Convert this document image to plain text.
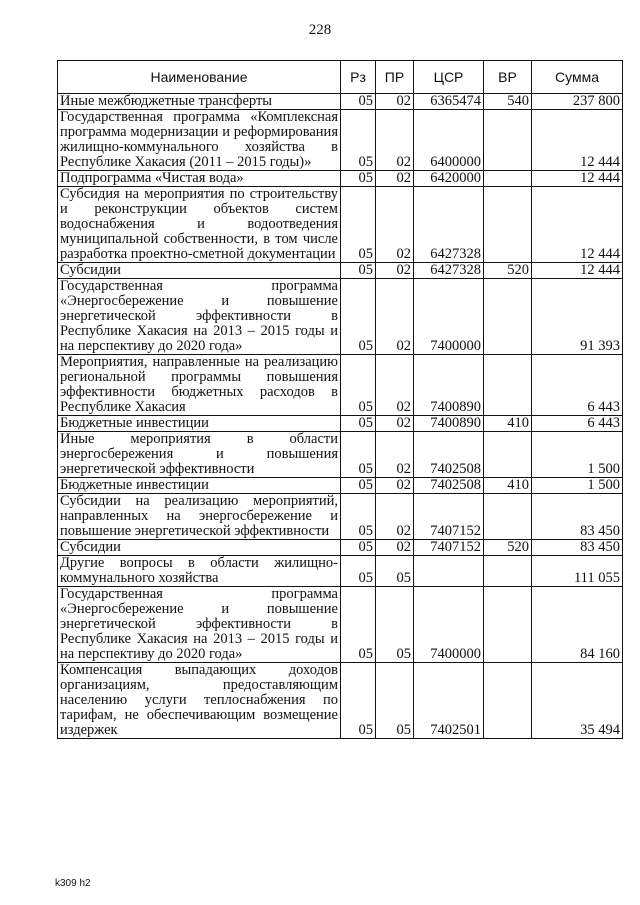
228
Наименование	Рз	ПР	ЦСР	ВР	Сумма
Иные межбюджетные трансферты	05	02	6365474	540	237 800
Государственная программа «Комплексная программа модернизации и реформирования жилищно-коммунального хозяйства в Республике Хакасия (2011 – 2015 годы)»	05	02	6400000		12 444
Подпрограмма «Чистая вода»	05	02	6420000		12 444
Субсидия на мероприятия по строительству и реконструкции объектов систем водоснабжения и водоотведения муниципальной собственности, в том числе разработка проектно-сметной документации	05	02	6427328		12 444
Субсидии	05	02	6427328	520	12 444
Государственная программа «Энергосбережение и повышение энергетической эффективности в Республике Хакасия на 2013 – 2015 годы и на перспективу до 2020 года»	05	02	7400000		91 393
Мероприятия, направленные на реализацию региональной программы повышения эффективности бюджетных расходов в Республике Хакасия	05	02	7400890		6 443
Бюджетные инвестиции	05	02	7400890	410	6 443
Иные мероприятия в области энергосбережения и повышения энергетической эффективности	05	02	7402508		1 500
Бюджетные инвестиции	05	02	7402508	410	1 500
Субсидии на реализацию мероприятий, направленных на энергосбережение и повышение энергетической эффективности	05	02	7407152		83 450
Субсидии	05	02	7407152	520	83 450
Другие вопросы в области жилищно-коммунального хозяйства	05	05			111 055
Государственная программа «Энергосбережение и повышение энергетической эффективности в Республике Хакасия на 2013 – 2015 годы и на перспективу до 2020 года»	05	05	7400000		84 160
Компенсация выпадающих доходов организациям, предоставляющим населению услуги теплоснабжения по тарифам, не обеспечивающим возмещение издержек	05	05	7402501		35 494
k309 h2
